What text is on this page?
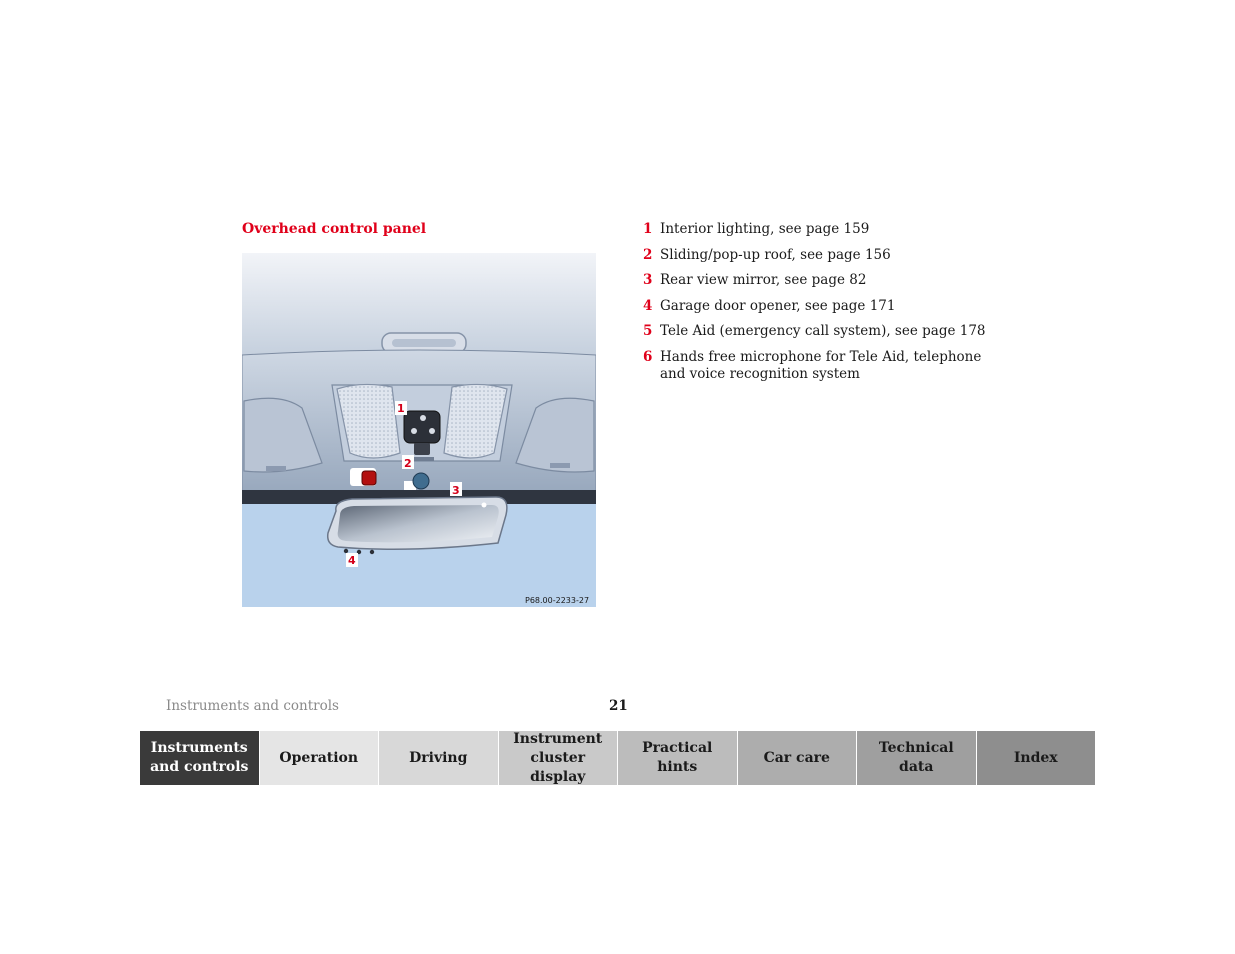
Overhead control panel
1
2
3
4
P68.00-2233-27
1 Interior lighting, see page 159
2 Sliding/pop-up roof, see page 156
3 Rear view mirror, see page 82
4 Garage door opener, see page 171
5 Tele Aid (emergency call system), see page 178
6 Hands free microphone for Tele Aid, telephone and voice recognition system
Instruments and controls	21
Instruments
and controls
Operation	Driving
Instrument
cluster display
Practical hints
Car care
Technical
data
Index
